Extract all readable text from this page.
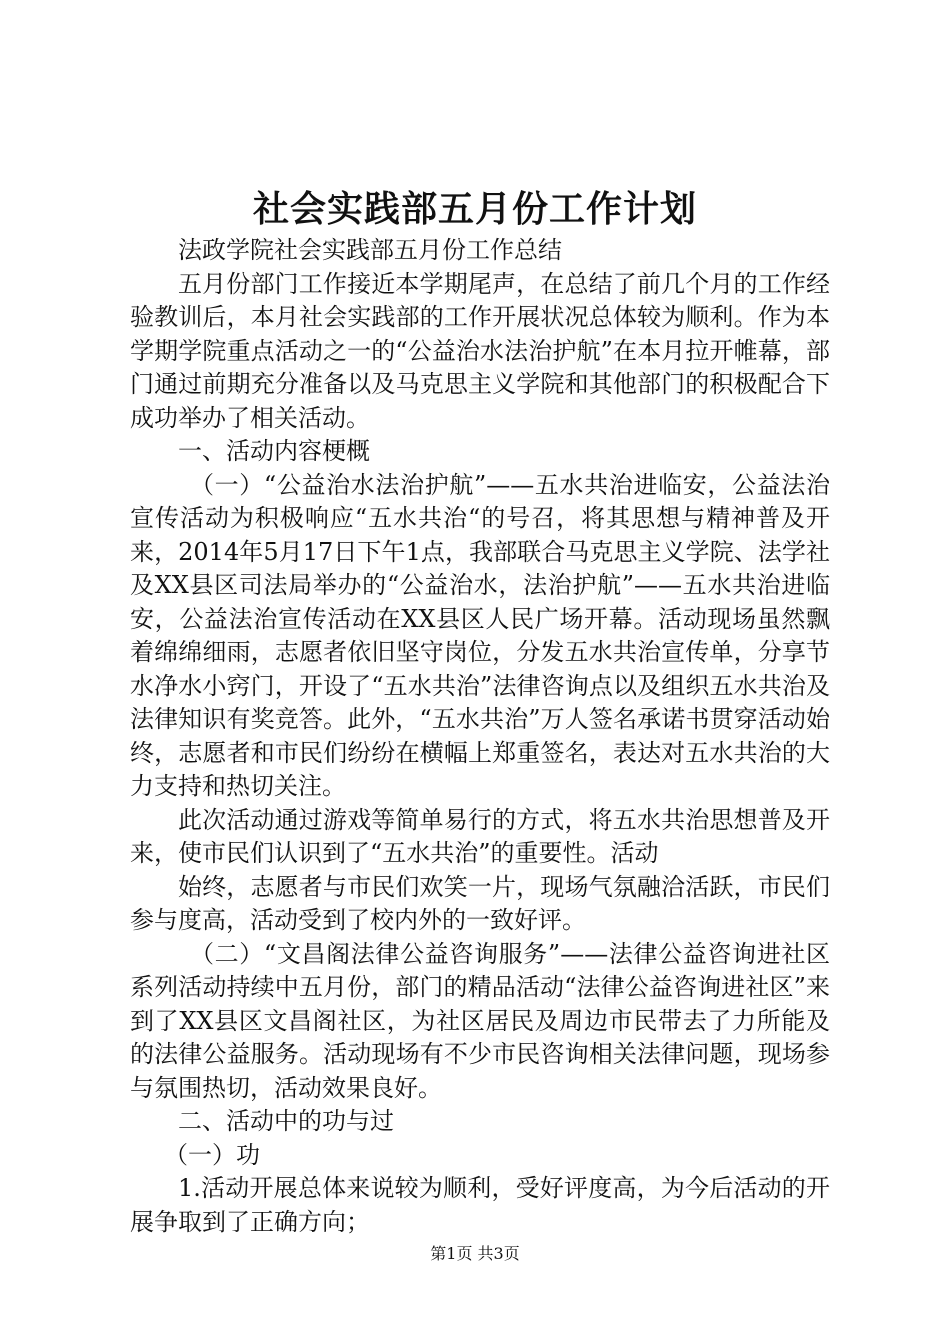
社会实践部五月份工作计划

法政学院社会实践部五月份工作总结

五月份部门工作接近本学期尾声，在总结了前几个月的工作经验教训后，本月社会实践部的工作开展状况总体较为顺利。作为本学期学院重点活动之一的“公益治水法治护航”在本月拉开帷幕，部门通过前期充分准备以及马克思主义学院和其他部门的积极配合下成功举办了相关活动。

一、活动内容梗概

（一）“公益治水法治护航”——五水共治进临安，公益法治宣传活动为积极响应“五水共治“的号召，将其思想与精神普及开来，2014年5月17日下午1点，我部联合马克思主义学院、法学社及XX县区司法局举办的“公益治水，法治护航”——五水共治进临安，公益法治宣传活动在XX县区人民广场开幕。活动现场虽然飘着绵绵细雨，志愿者依旧坚守岗位，分发五水共治宣传单，分享节水净水小窍门，开设了“五水共治”法律咨询点以及组织五水共治及法律知识有奖竞答。此外，“五水共治”万人签名承诺书贯穿活动始终，志愿者和市民们纷纷在横幅上郑重签名，表达对五水共治的大力支持和热切关注。

此次活动通过游戏等简单易行的方式，将五水共治思想普及开来，使市民们认识到了“五水共治”的重要性。活动

始终，志愿者与市民们欢笑一片，现场气氛融洽活跃，市民们参与度高，活动受到了校内外的一致好评。

（二）“文昌阁法律公益咨询服务”——法律公益咨询进社区系列活动持续中五月份，部门的精品活动“法律公益咨询进社区”来到了XX县区文昌阁社区，为社区居民及周边市民带去了力所能及的法律公益服务。活动现场有不少市民咨询相关法律问题，现场参与氛围热切，活动效果良好。

二、活动中的功与过

（一）功

1.活动开展总体来说较为顺利，受好评度高，为今后活动的开展争取到了正确方向；

第1页 共3页
